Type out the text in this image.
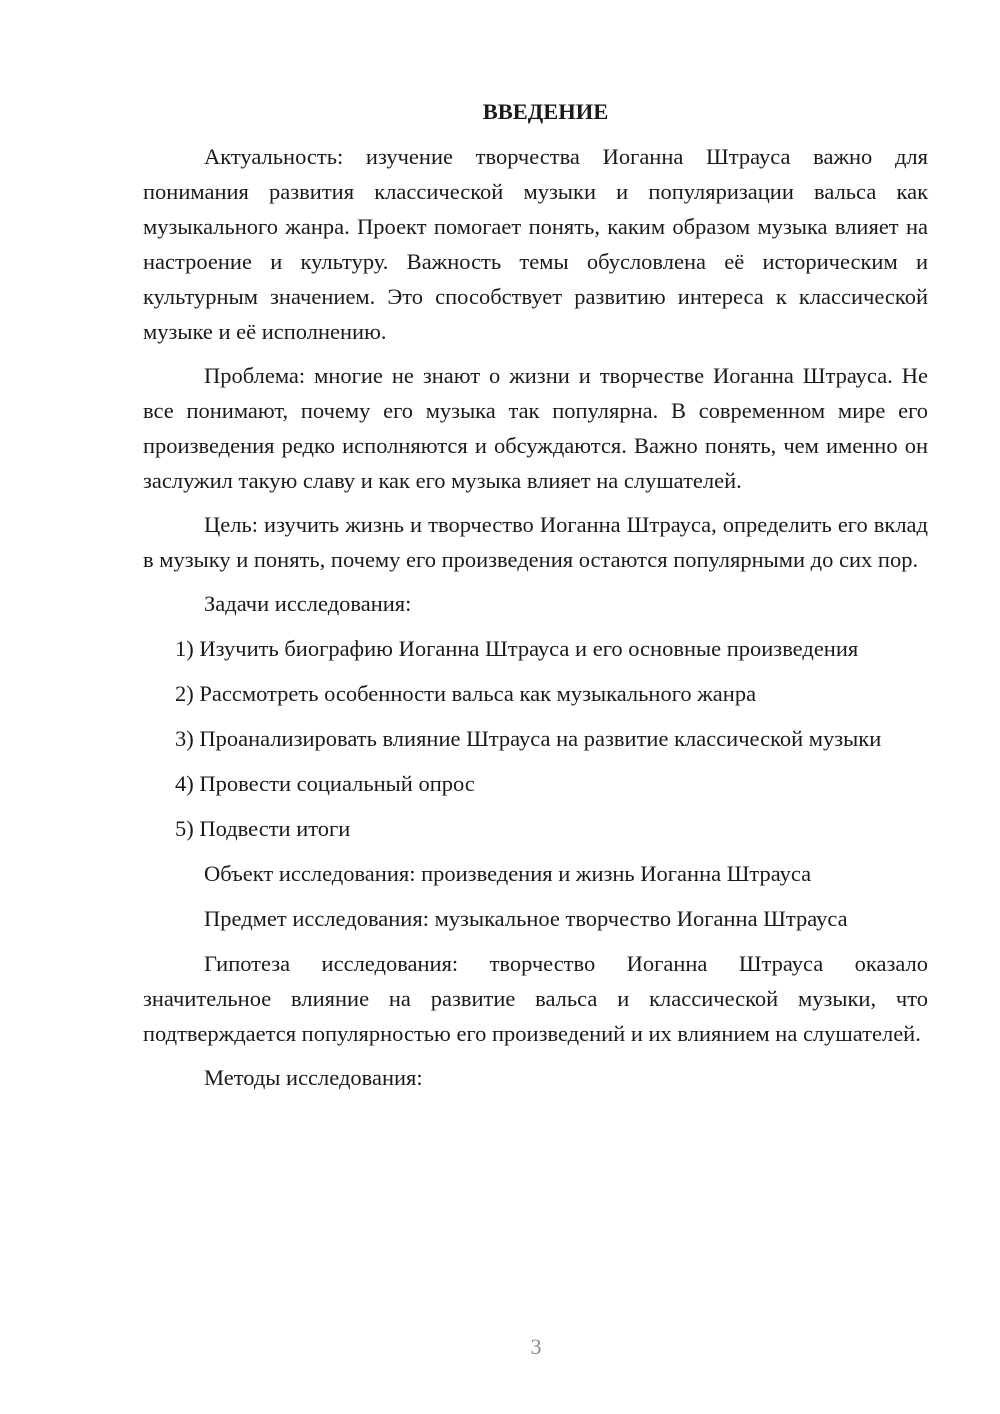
ВВЕДЕНИЕ

Актуальность: изучение творчества Иоганна Штрауса важно для понимания развития классической музыки и популяризации вальса как музыкального жанра. Проект помогает понять, каким образом музыка влияет на настроение и культуру. Важность темы обусловлена её историческим и культурным значением. Это способствует развитию интереса к классической музыке и её исполнению.

Проблема: многие не знают о жизни и творчестве Иоганна Штрауса. Не все понимают, почему его музыка так популярна. В современном мире его произведения редко исполняются и обсуждаются. Важно понять, чем именно он заслужил такую славу и как его музыка влияет на слушателей.

Цель: изучить жизнь и творчество Иоганна Штрауса, определить его вклад в музыку и понять, почему его произведения остаются популярными до сих пор.

Задачи исследования:

1) Изучить биографию Иоганна Штрауса и его основные произведения

2) Рассмотреть особенности вальса как музыкального жанра

3) Проанализировать влияние Штрауса на развитие классической музыки

4) Провести социальный опрос

5) Подвести итоги

Объект исследования: произведения и жизнь Иоганна Штрауса

Предмет исследования: музыкальное творчество Иоганна Штрауса

Гипотеза исследования: творчество Иоганна Штрауса оказало значительное влияние на развитие вальса и классической музыки, что подтверждается популярностью его произведений и их влиянием на слушателей.

Методы исследования:

3
